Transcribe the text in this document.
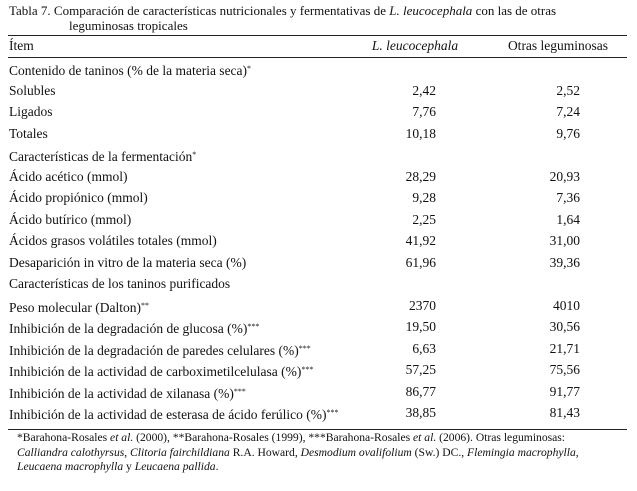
Tabla 7. Comparación de características nutricionales y fermentativas de L. leucocephala con las de otras
leguminosas tropicales
Ítem	L. leucocephala	Otras leguminosas
Contenido de taninos (% de la materia seca)*
Solubles	2,42	2,52
Ligados	7,76	7,24
Totales	10,18	9,76
Características de la fermentación*
Ácido acético (mmol)	28,29	20,93
Ácido propiónico (mmol)	9,28	7,36
Ácido butírico (mmol)	2,25	1,64
Ácidos grasos volátiles totales (mmol)	41,92	31,00
Desaparición in vitro de la materia seca (%)	61,96	39,36
Características de los taninos purificados
Peso molecular (Dalton)**	2370	4010
Inhibición de la degradación de glucosa (%)***	19,50	30,56
Inhibición de la degradación de paredes celulares (%)***	6,63	21,71
Inhibición de la actividad de carboximetilcelulasa (%)***	57,25	75,56
Inhibición de la actividad de xilanasa (%)***	86,77	91,77
Inhibición de la actividad de esterasa de ácido ferúlico (%)***	38,85	81,43
*Barahona-Rosales et al. (2000), **Barahona-Rosales (1999), ***Barahona-Rosales et al. (2006). Otras leguminosas:
Calliandra calothyrsus, Clitoria fairchildiana R.A. Howard, Desmodium ovalifolium (Sw.) DC., Flemingia macrophylla,
Leucaena macrophylla y Leucaena pallida.
